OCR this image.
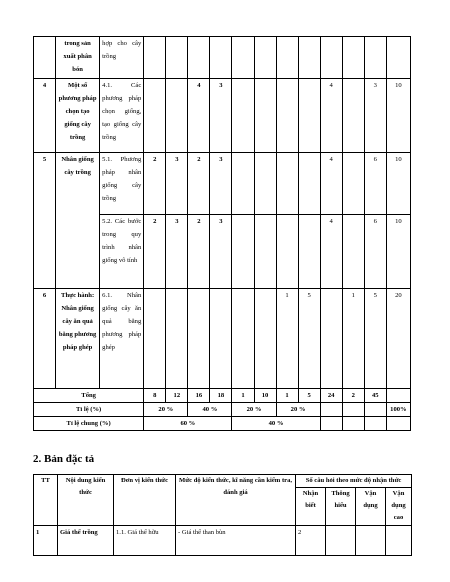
	trong sản xuất phân bón	hợp cho cây trồng												
4	Một số phương pháp chọn tạo giống cây trồng	4.1. Các phương pháp chọn giống, tạo giống cây trồng			4	3					4		3	10
5	Nhân giống cây trồng	5.1. Phương pháp nhân giống cây trồng	2	3	2	3					4		6	10
		5.2. Các bước trong quy trình nhân giống vô tính	2	3	2	3					4		6	10
6	Thực hành: Nhân giống cây ăn quả bằng phương pháp ghép	6.1. Nhân giống cây ăn quả bằng phương pháp ghép							1	5		1	5	20
Tổng			8	12	16	18	1	10	1	5	24	2	45	
Tỉ lệ (%)			20 %		40 %		20 %		20 %					100%
Tỉ lệ chung (%)			60 %				40 %							
2. Bản đặc tả
TT	Nội dung kiến thức	Đơn vị kiến thức	Mức độ kiến thức, kĩ năng cần kiểm tra, đánh giá	Số câu hỏi theo mức độ nhận thức			
				Nhận biết	Thông hiểu	Vận dụng	Vận dụng cao
1	Giá thể trồng	1.1. Giá thể hữu	- Giá thể than bùn	2			
